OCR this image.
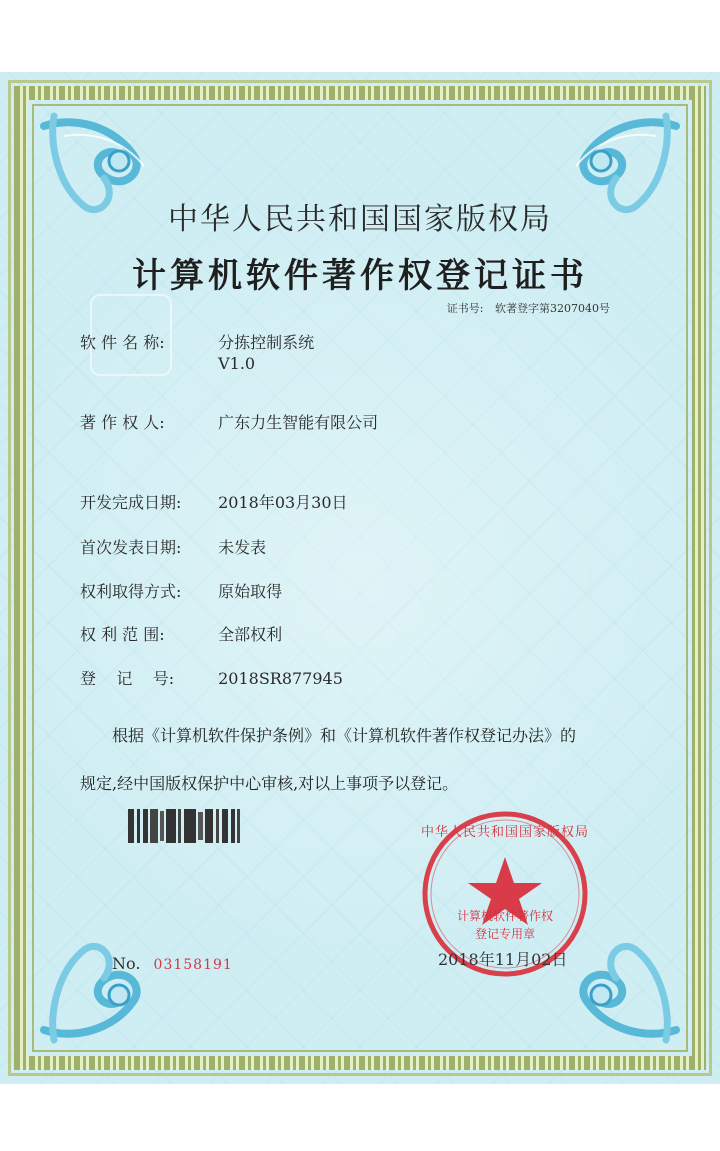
中华人民共和国国家版权局
计算机软件著作权登记证书
证书号: 软著登字第3207040号
软 件 名 称:	分拣控制系统
V1.0
著 作 权 人:	广东力生智能有限公司
开发完成日期: 2018年03月30日
首次发表日期: 未发表
权利取得方式: 原始取得
权 利 范 围:	全部权利
登    记    号:	2018SR877945
根据《计算机软件保护条例》和《计算机软件著作权登记办法》的
规定,经中国版权保护中心审核,对以上事项予以登记。
中华人民共和国国家版权局
计算机软件著作权
登记专用章
2018年11月02日
No. 03158191
